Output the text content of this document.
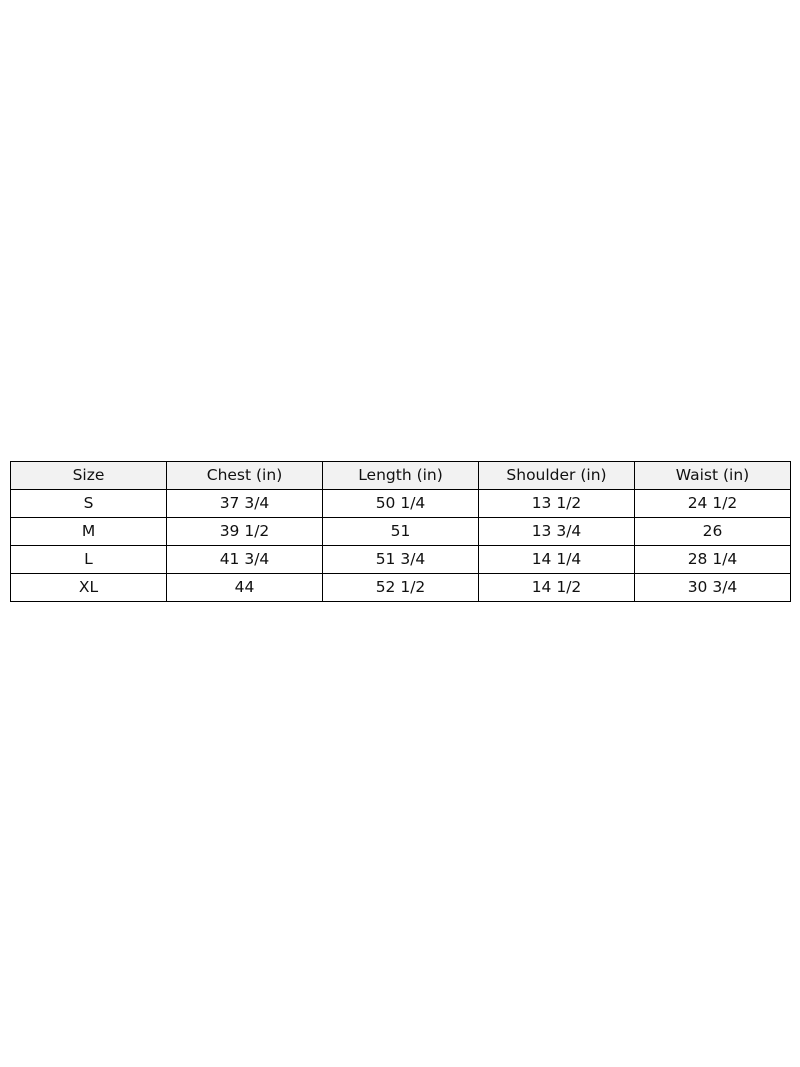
Size	Chest (in)	Length (in)	Shoulder (in)	Waist (in)
S	37 3/4	50 1/4	13 1/2	24 1/2
M	39 1/2	51	13 3/4	26
L	41 3/4	51 3/4	14 1/4	28 1/4
XL	44	52 1/2	14 1/2	30 3/4
